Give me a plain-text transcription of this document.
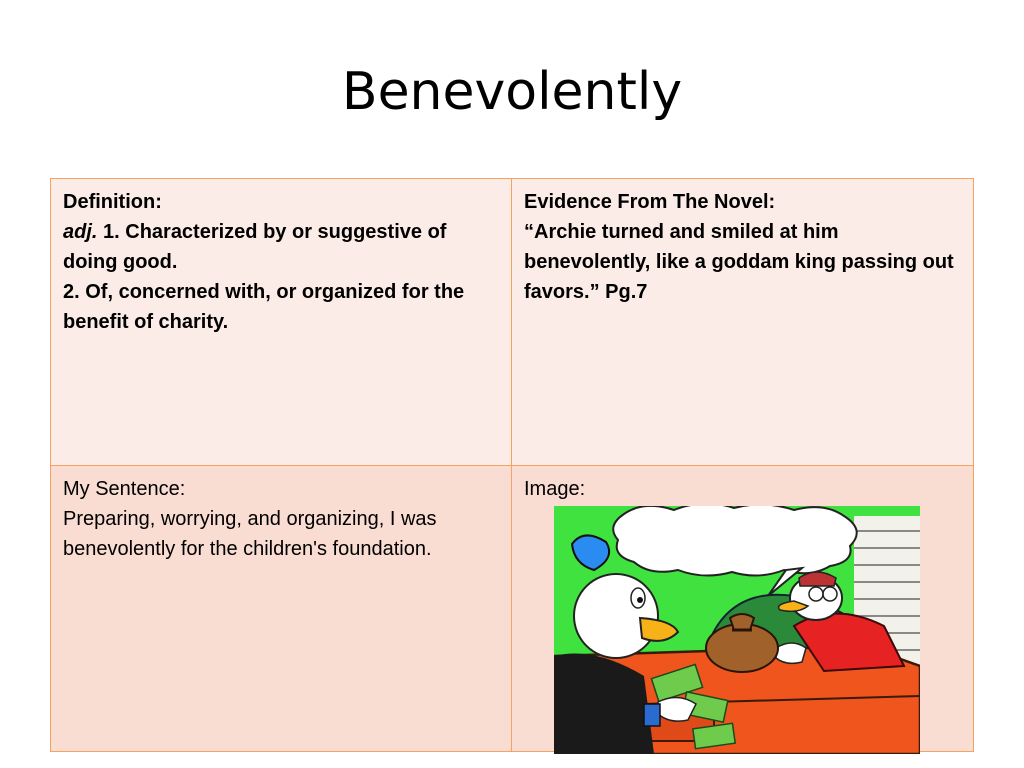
Benevolently
Definition:
adj. 1. Characterized by or suggestive of doing good.
2. Of, concerned with, or organized for the benefit of charity.
Evidence From The Novel:
“Archie turned and smiled at him benevolently, like a goddam king passing out favors.” Pg.7
My Sentence:
Preparing, worrying, and organizing, I was benevolently for the children's foundation.
Image:
